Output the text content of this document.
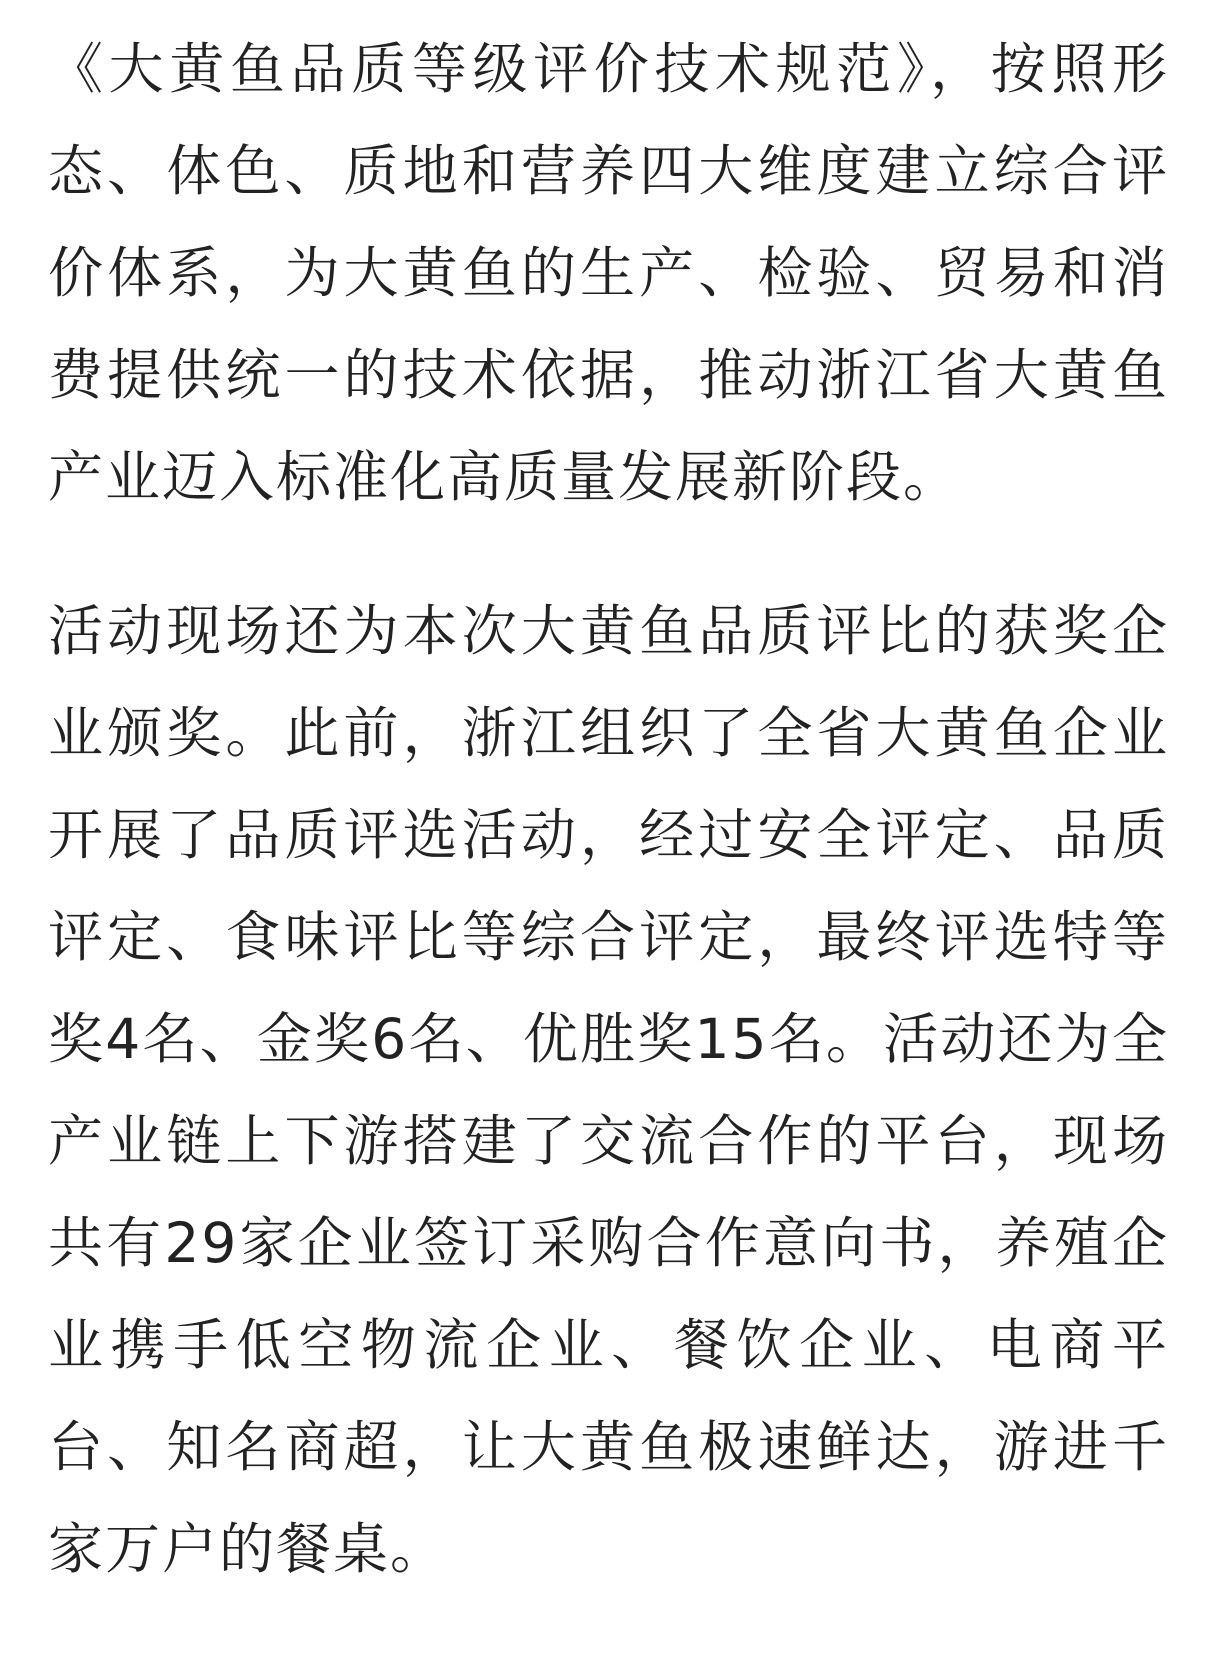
《大黄鱼品质等级评价技术规范》，按照形态、体色、质地和营养四大维度建立综合评价体系，为大黄鱼的生产、检验、贸易和消费提供统一的技术依据，推动浙江省大黄鱼产业迈入标准化高质量发展新阶段。

活动现场还为本次大黄鱼品质评比的获奖企业颁奖。此前，浙江组织了全省大黄鱼企业开展了品质评选活动，经过安全评定、品质评定、食味评比等综合评定，最终评选特等奖4名、金奖6名、优胜奖15名。活动还为全产业链上下游搭建了交流合作的平台，现场共有29家企业签订采购合作意向书，养殖企业携手低空物流企业、餐饮企业、电商平台、知名商超，让大黄鱼极速鲜达，游进千家万户的餐桌。
